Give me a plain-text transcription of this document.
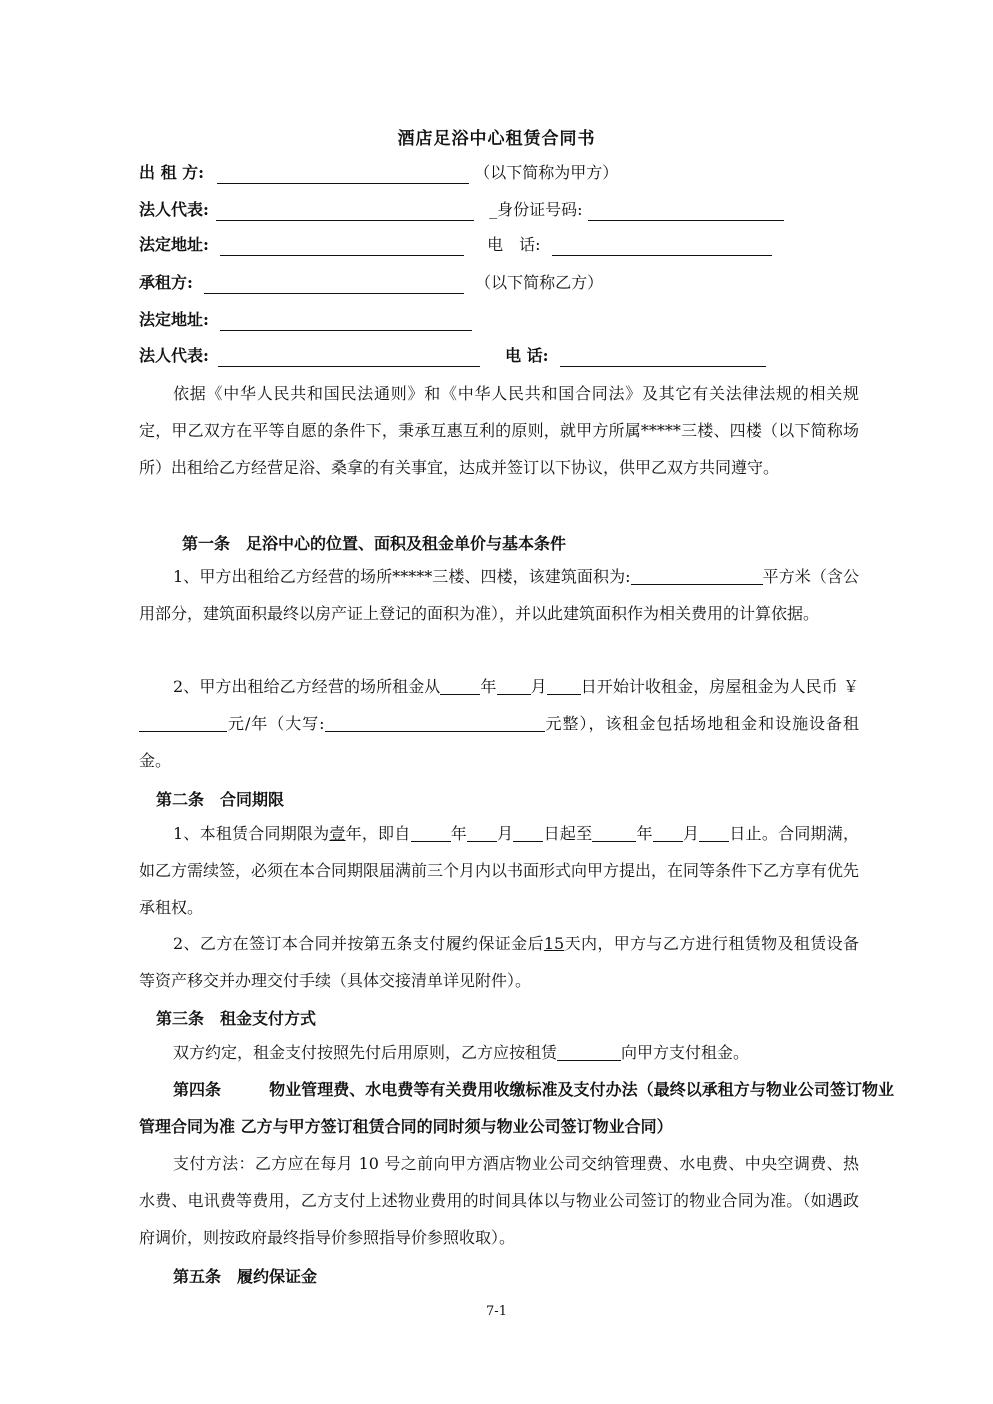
酒店足浴中心租赁合同书
出 租 方:	（以下简称为甲方）
法人代表:	_身份证号码:
法定地址:	电　话:
承租方:	（以下简称乙方）
法定地址:
法人代表:	电 话:
依据《中华人民共和国民法通则》和《中华人民共和国合同法》及其它有关法律法规的相关规定，甲乙双方在平等自愿的条件下，秉承互惠互利的原则，就甲方所属*****三楼、四楼（以下简称场所）出租给乙方经营足浴、桑拿的有关事宜，达成并签订以下协议，供甲乙双方共同遵守。
第一条　足浴中心的位置、面积及租金单价与基本条件
1、甲方出租给乙方经营的场所*****三楼、四楼，该建筑面积为:	平方米（含公用部分，建筑面积最终以房产证上登记的面积为准），并以此建筑面积作为相关费用的计算依据。
2、甲方出租给乙方经营的场所租金从	年 月 日开始计收租金，房屋租金为人民币 ￥元/年（大写:	元整），该租金包括场地租金和设施设备租金。
第二条　合同期限
1、本租赁合同期限为壹年，即自	年 月 日起至	年 月 日止。合同期满，如乙方需续签，必须在本合同期限届满前三个月内以书面形式向甲方提出，在同等条件下乙方享有优先承租权。
2、乙方在签订本合同并按第五条支付履约保证金后15天内，甲方与乙方进行租赁物及租赁设备等资产移交并办理交付手续（具体交接清单详见附件）。
第三条　租金支付方式
双方约定，租金支付按照先付后用原则，乙方应按租赁	向甲方支付租金。
第四条　　　物业管理费、水电费等有关费用收缴标准及支付办法（最终以承租方与物业公司签订物业管理合同为准 乙方与甲方签订租赁合同的同时须与物业公司签订物业合同）
支付方法：乙方应在每月 10 号之前向甲方酒店物业公司交纳管理费、水电费、中央空调费、热水费、电讯费等费用，乙方支付上述物业费用的时间具体以与物业公司签订的物业合同为准。（如遇政府调价，则按政府最终指导价参照指导价参照收取）。
第五条　履约保证金
7-1
